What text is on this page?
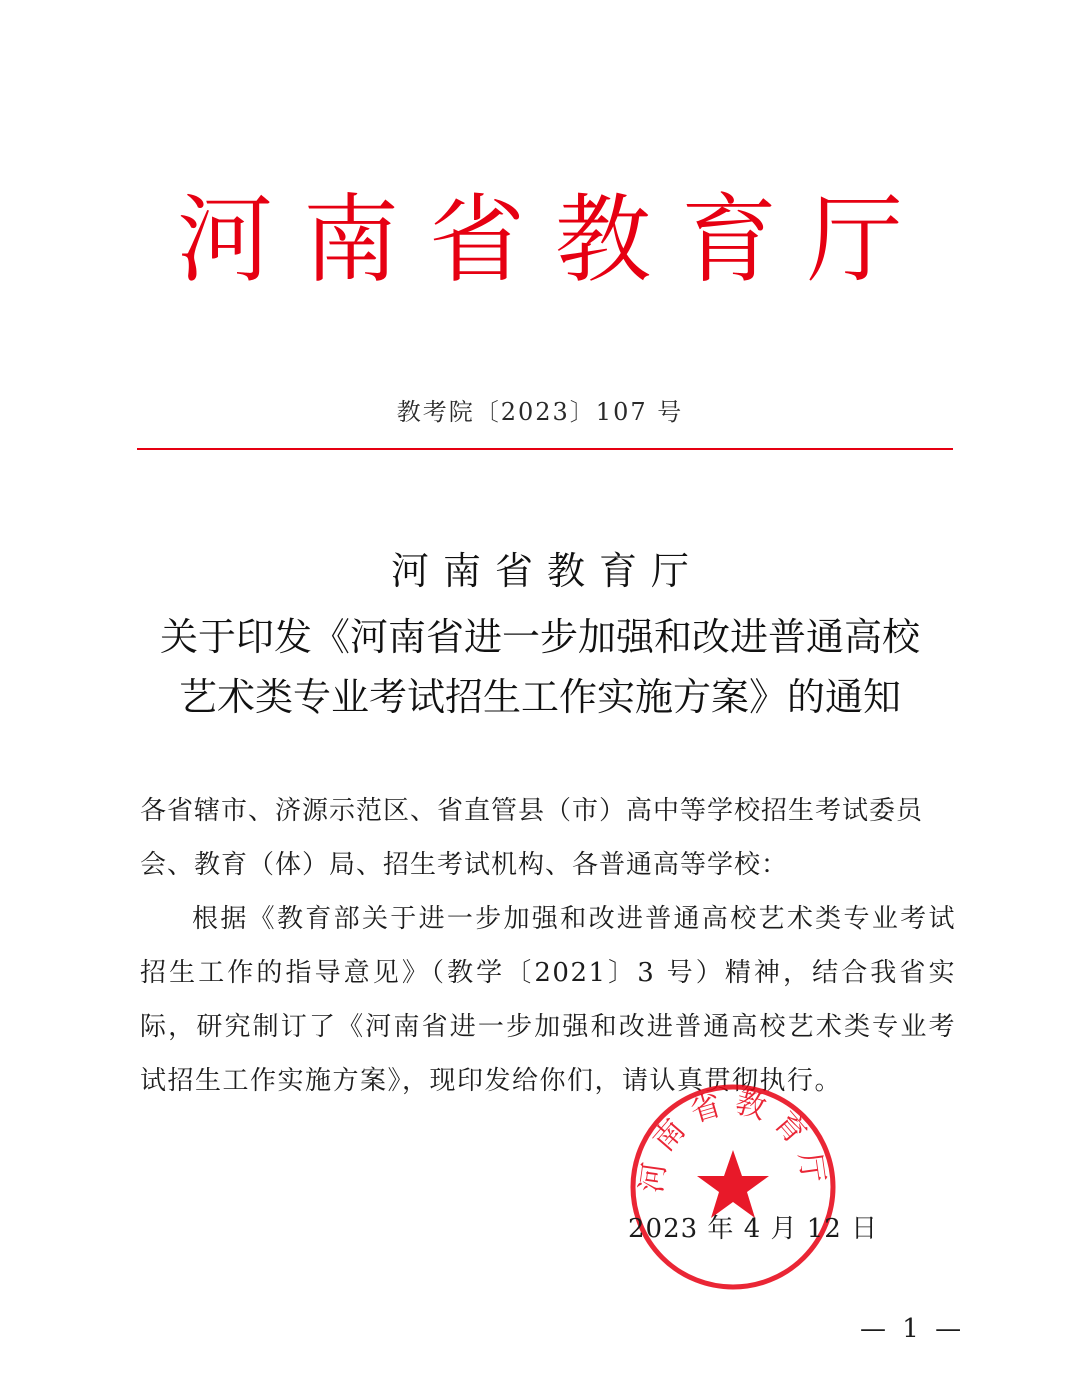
河南省教育厅
教考院〔2023〕107 号
河南省教育厅
关于印发《河南省进一步加强和改进普通高校
艺术类专业考试招生工作实施方案》的通知
各省辖市、济源示范区、省直管县（市）高中等学校招生考试委员会、教育（体）局、招生考试机构、各普通高等学校：
根据《教育部关于进一步加强和改进普通高校艺术类专业考试招生工作的指导意见》（教学〔2021〕3 号）精神，结合我省实际，研究制订了《河南省进一步加强和改进普通高校艺术类专业考试招生工作实施方案》，现印发给你们，请认真贯彻执行。
河南省教育厅
2023 年 4 月 12 日
— 1 —
